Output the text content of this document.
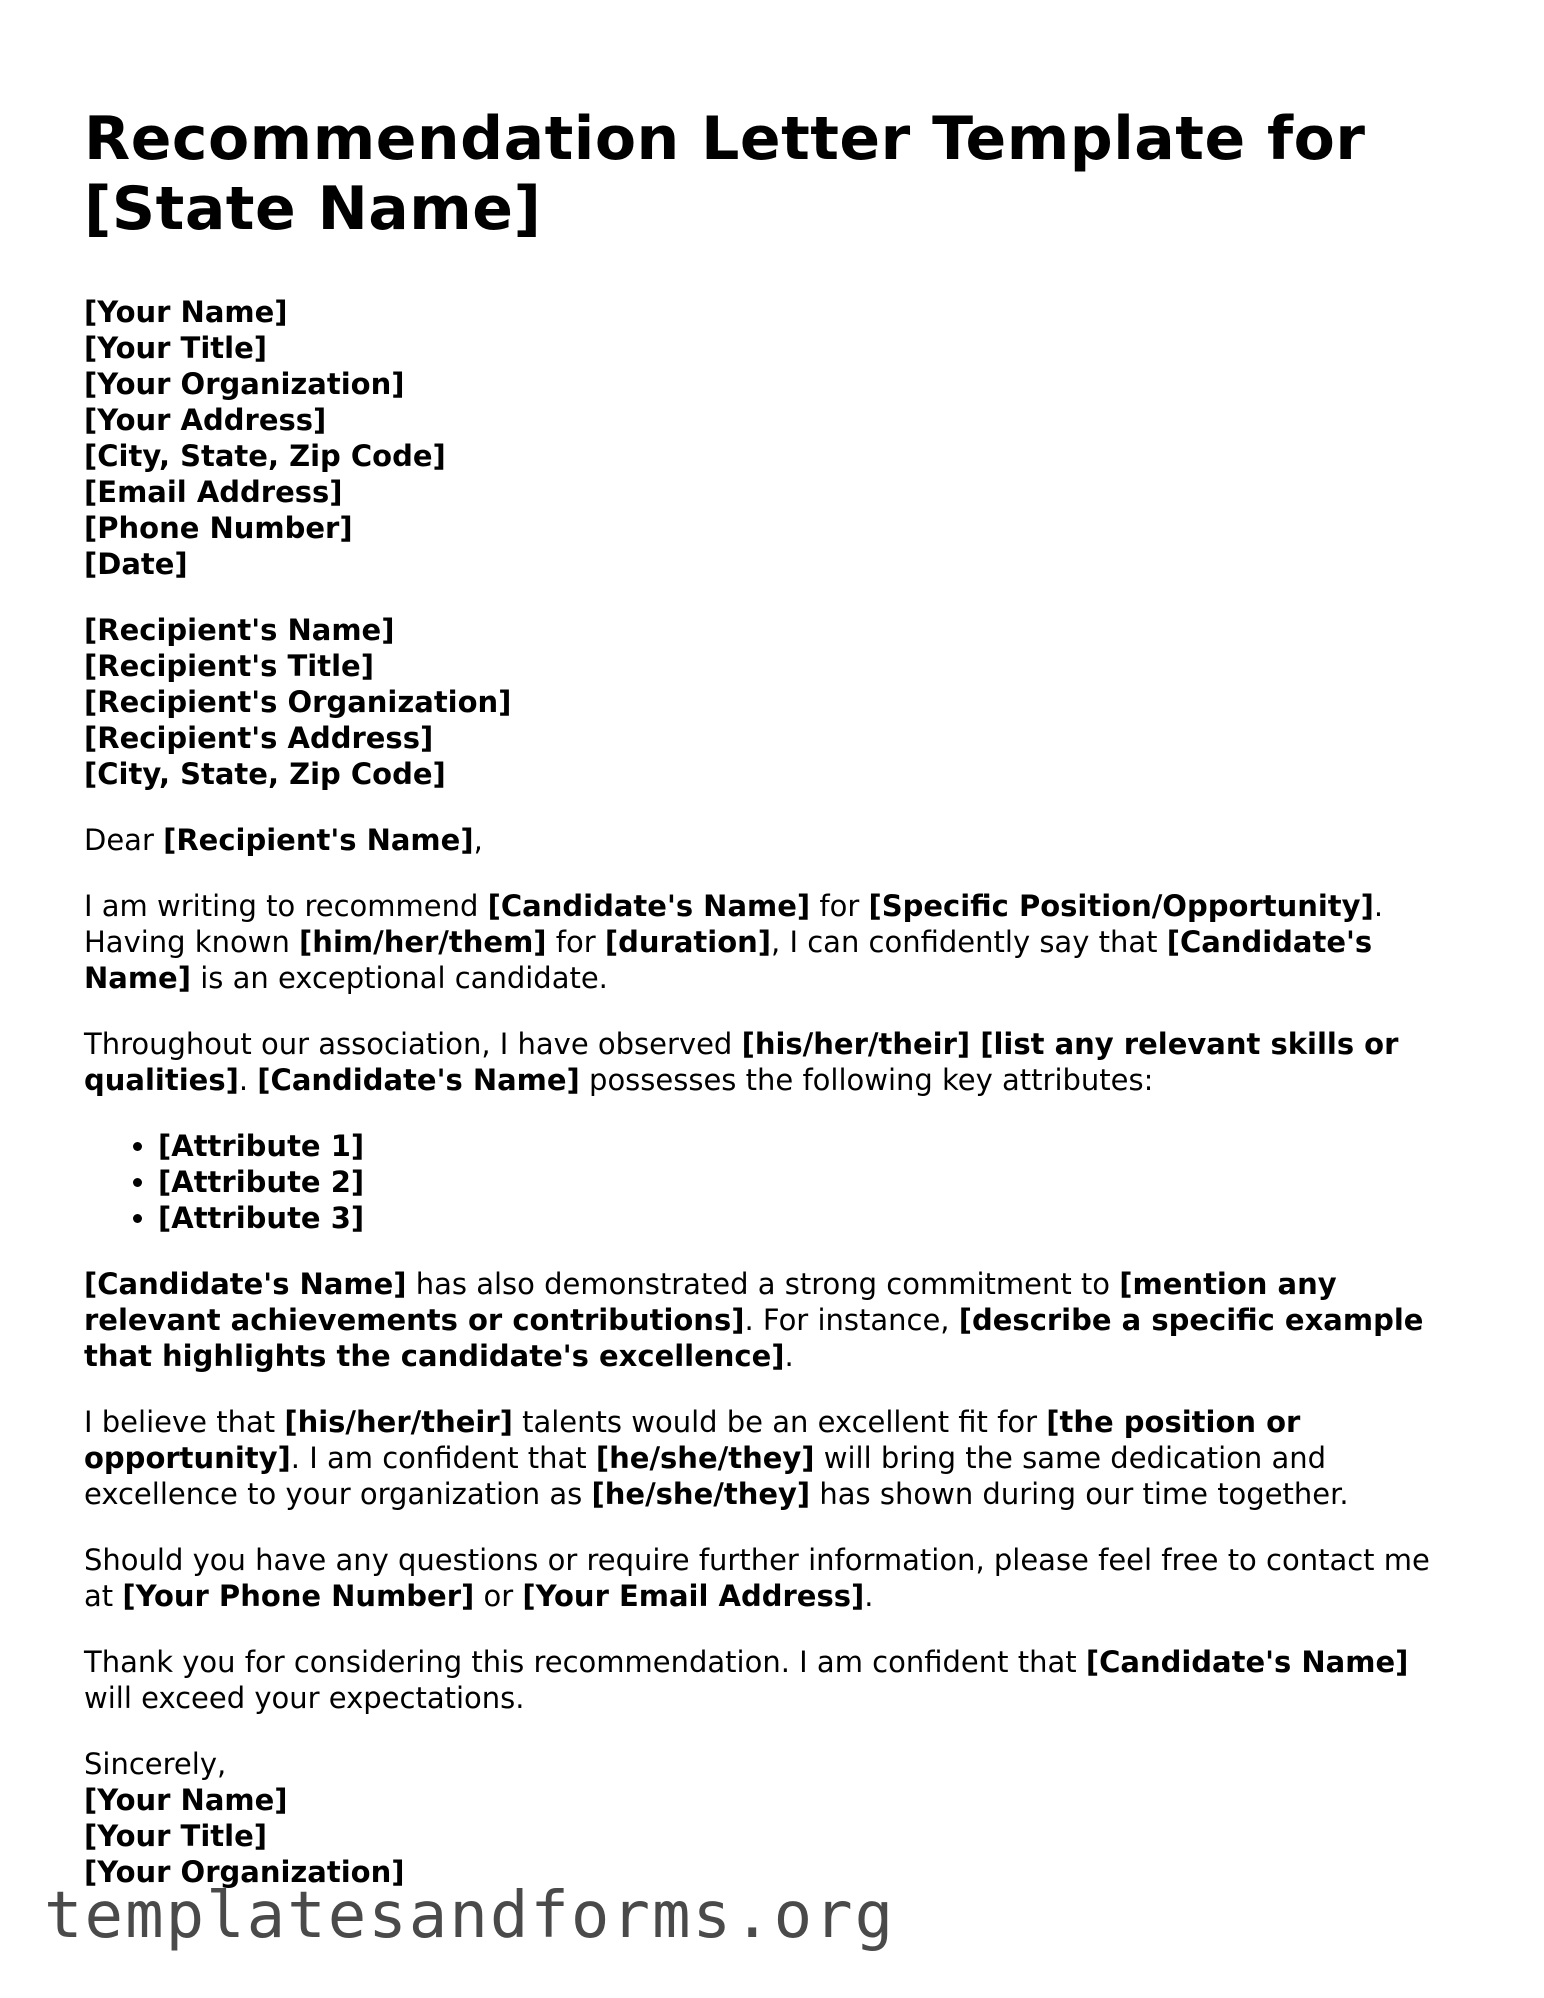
Recommendation Letter Template for [State Name]
[Your Name]
[Your Title]
[Your Organization]
[Your Address]
[City, State, Zip Code]
[Email Address]
[Phone Number]
[Date]
[Recipient's Name]
[Recipient's Title]
[Recipient's Organization]
[Recipient's Address]
[City, State, Zip Code]

Dear [Recipient's Name],

I am writing to recommend [Candidate's Name] for [Specific Position/Opportunity]. Having known [him/her/them] for [duration], I can confidently say that [Candidate's Name] is an exceptional candidate.

Throughout our association, I have observed [his/her/their] [list any relevant skills or qualities]. [Candidate's Name] possesses the following key attributes:

• [Attribute 1]
• [Attribute 2]
• [Attribute 3]

[Candidate's Name] has also demonstrated a strong commitment to [mention any relevant achievements or contributions]. For instance, [describe a specific example that highlights the candidate's excellence].

I believe that [his/her/their] talents would be an excellent fit for [the position or opportunity]. I am confident that [he/she/they] will bring the same dedication and excellence to your organization as [he/she/they] has shown during our time together.

Should you have any questions or require further information, please feel free to contact me at [Your Phone Number] or [Your Email Address].

Thank you for considering this recommendation. I am confident that [Candidate's Name] will exceed your expectations.

Sincerely,
[Your Name]
[Your Title]
[Your Organization]
templatesandforms.org
